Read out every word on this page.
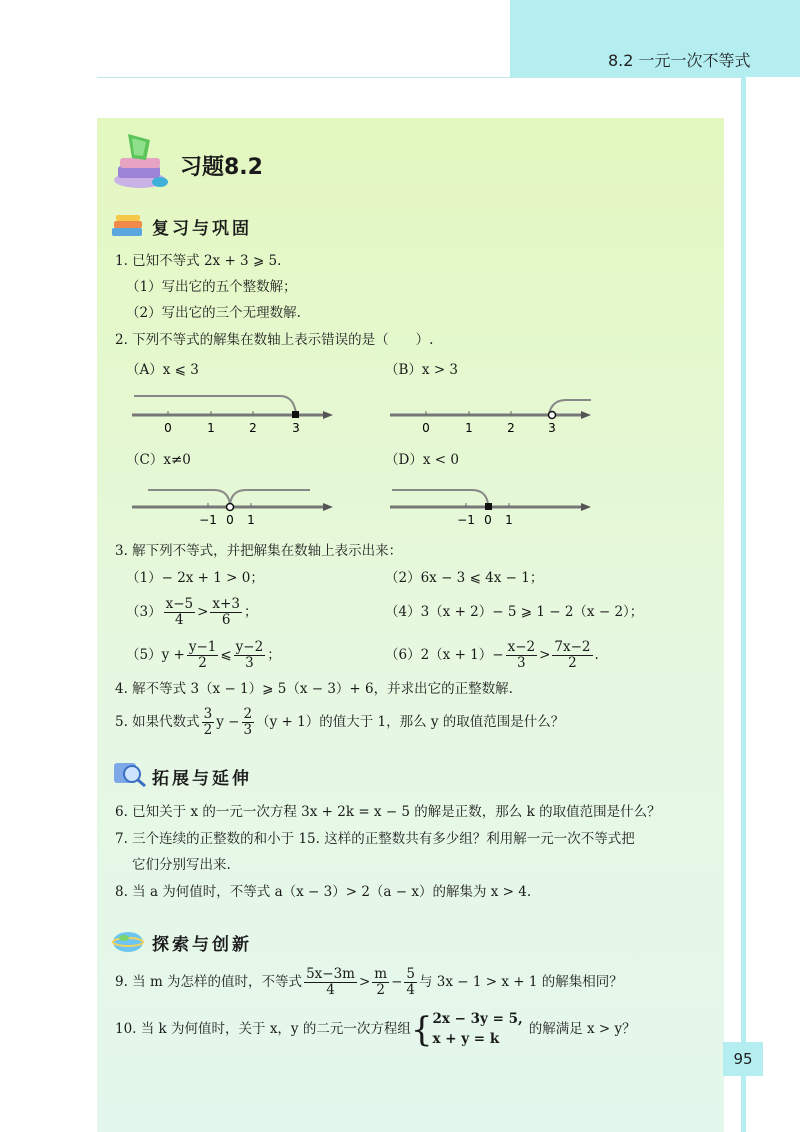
8.2 一元一次不等式
习题8.2
复习与巩固
1. 已知不等式 2x + 3 ⩾ 5.
（1）写出它的五个整数解；
（2）写出它的三个无理数解.
2. 下列不等式的解集在数轴上表示错误的是（　　）.
（A）x ⩽ 3	（B）x > 3
0	1	2	3	0	1	2	3
（C）x≠0	（D）x < 0
−1 0 1	−1 0 1
3. 解下列不等式，并把解集在数轴上表示出来：
（1）− 2x + 1 > 0；	（2）6x − 3 ⩽ 4x − 1；
$(3) \frac{x-5}{4} > \frac{x+3}{6}$ ；	（4）3（x + 2）− 5 ⩾ 1 − 2（x − 2）；
$(5)y + \frac{y-1}{2}$ ⩽ $\frac{y-2}{3}$ ；	$(6)2(x + 1)- \frac{x-2}{3} > \frac{7x-2}{2}$ .
4. 解不等式 3（x − 1）⩾ 5（x − 3）+ 6，并求出它的正整数解.
5. 如果代数式 $\frac{3}{2}$ $y - \frac{2}{3} (y + 1)$的值大于 1，那么 y 的取值范围是什么？
拓展与延伸
6. 已知关于 x 的一元一次方程 3x + 2k = x − 5 的解是正数，那么 k 的取值范围是什么？
7. 三个连续的正整数的和小于 15. 这样的正整数共有多少组？利用解一元一次不等式把
它们分别写出来.
8. 当 a 为何值时，不等式 a（x − 3）> 2（a − x）的解集为 x > 4.
探索与创新
9. 当 m 为怎样的值时，不等式 $\frac{5x-3m}{4} > \frac{m}{2} - \frac{5}{4}$ 与 3x − 1 > x + 1 的解集相同？
10. 当 k 为何值时，关于 x，y 的二元一次方程组{ 2x − 3y = 5,
x + y = k
的解满足 x > y？
95
